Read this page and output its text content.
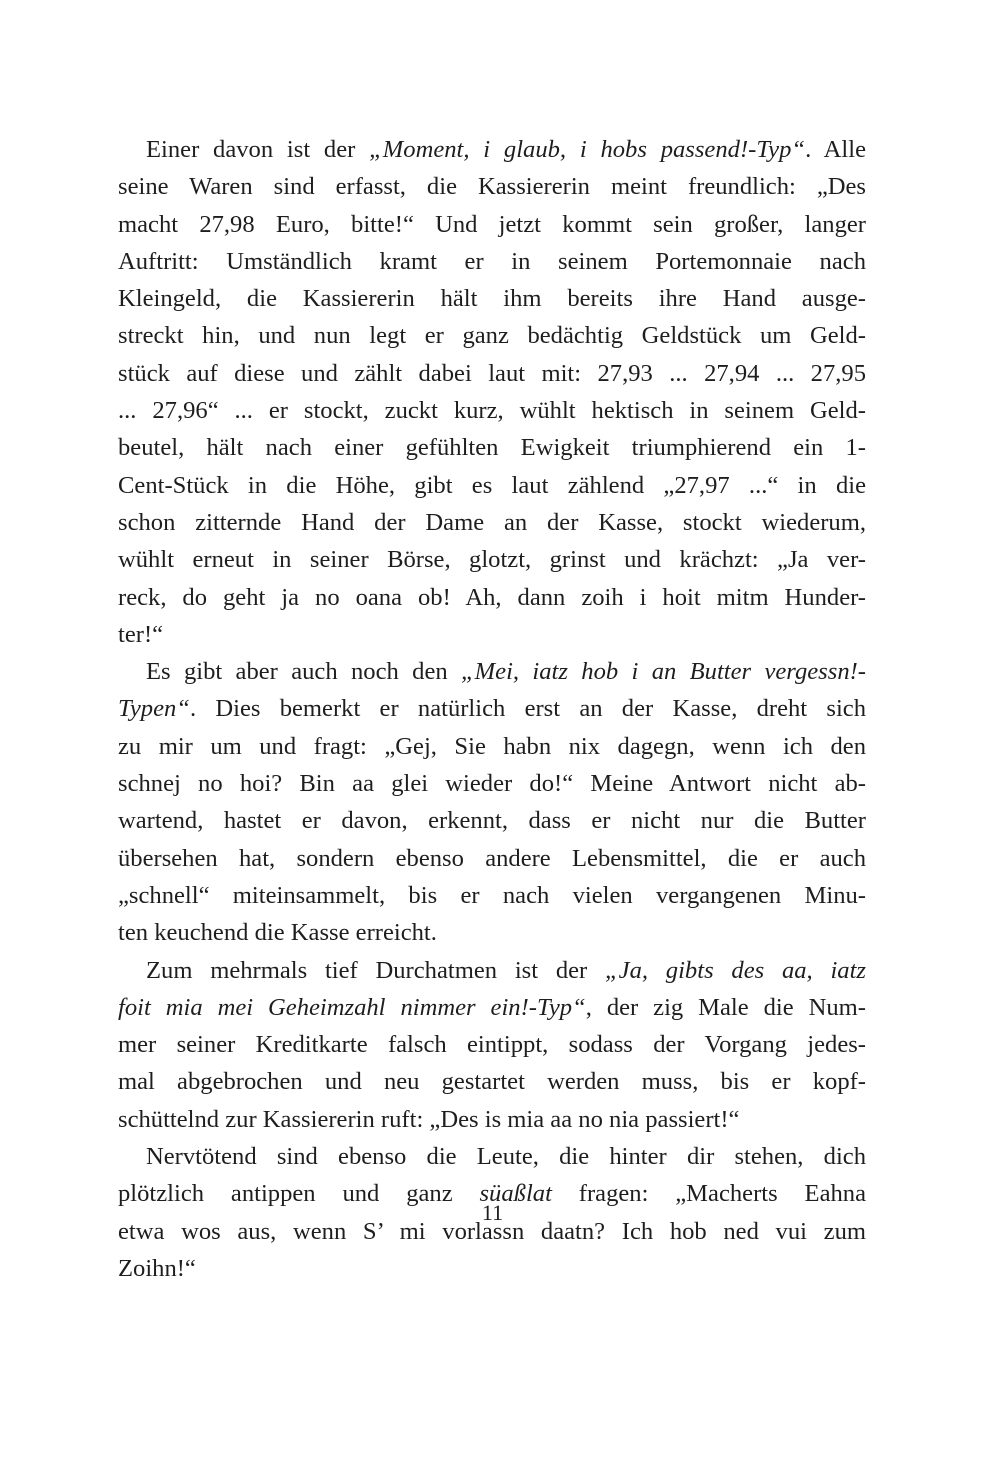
Einer davon ist der „Moment, i glaub, i hobs passend!-Typ“. Alle
seine Waren sind erfasst, die Kassiererin meint freundlich: „Des
macht 27,98 Euro, bitte!“ Und jetzt kommt sein großer, langer
Auftritt: Umständlich kramt er in seinem Portemonnaie nach
Kleingeld, die Kassiererin hält ihm bereits ihre Hand ausge-
streckt hin, und nun legt er ganz bedächtig Geldstück um Geld-
stück auf diese und zählt dabei laut mit: 27,93 ... 27,94 ... 27,95
... 27,96“ ... er stockt, zuckt kurz, wühlt hektisch in seinem Geld-
beutel, hält nach einer gefühlten Ewigkeit triumphierend ein 1-
Cent-Stück in die Höhe, gibt es laut zählend „27,97 ...“ in die
schon zitternde Hand der Dame an der Kasse, stockt wiederum,
wühlt erneut in seiner Börse, glotzt, grinst und krächzt: „Ja ver-
reck, do geht ja no oana ob! Ah, dann zoih i hoit mitm Hunder-
ter!“
Es gibt aber auch noch den „Mei, iatz hob i an Butter vergessn!-
Typen“. Dies bemerkt er natürlich erst an der Kasse, dreht sich
zu mir um und fragt: „Gej, Sie habn nix dagegn, wenn ich den
schnej no hoi? Bin aa glei wieder do!“ Meine Antwort nicht ab-
wartend, hastet er davon, erkennt, dass er nicht nur die Butter
übersehen hat, sondern ebenso andere Lebensmittel, die er auch
„schnell“ miteinsammelt, bis er nach vielen vergangenen Minu-
ten keuchend die Kasse erreicht.
Zum mehrmals tief Durchatmen ist der „Ja, gibts des aa, iatz
foit mia mei Geheimzahl nimmer ein!-Typ“, der zig Male die Num-
mer seiner Kreditkarte falsch eintippt, sodass der Vorgang jedes-
mal abgebrochen und neu gestartet werden muss, bis er kopf-
schüttelnd zur Kassiererin ruft: „Des is mia aa no nia passiert!“
Nervtötend sind ebenso die Leute, die hinter dir stehen, dich
plötzlich antippen und ganz süaßlat fragen: „Macherts Eahna
etwa wos aus, wenn S’ mi vorlassn daatn? Ich hob ned vui zum
Zoihn!“
11
